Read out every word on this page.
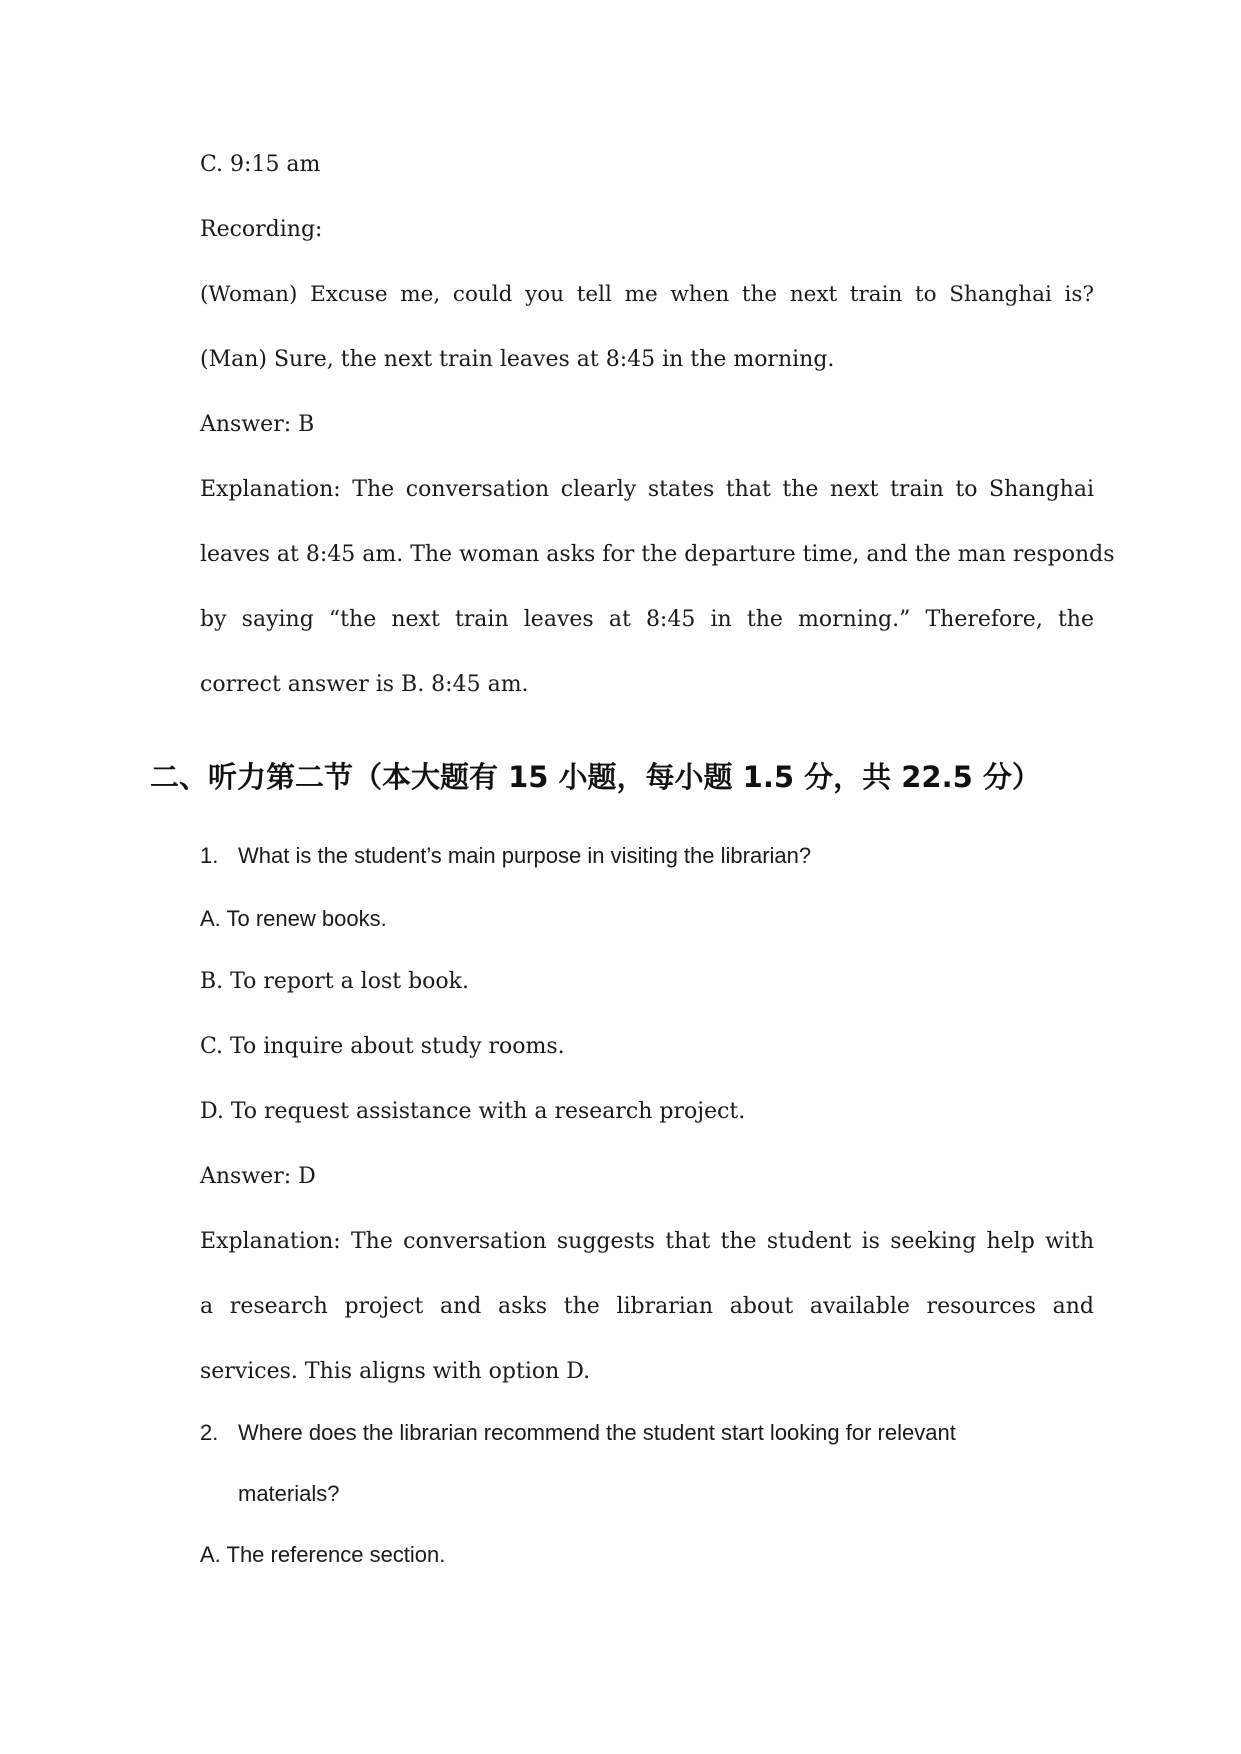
C. 9:15 am
Recording:
(Woman) Excuse me, could you tell me when the next train to Shanghai is?
(Man) Sure, the next train leaves at 8:45 in the morning.
Answer: B
Explanation: The conversation clearly states that the next train to Shanghai
leaves at 8:45 am. The woman asks for the departure time, and the man responds
by saying “the next train leaves at 8:45 in the morning.” Therefore, the
correct answer is B. 8:45 am.
二、听力第二节（本大题有 15 小题，每小题 1.5 分，共 22.5 分）
1. What is the student’s main purpose in visiting the librarian?
A. To renew books.
B. To report a lost book.
C. To inquire about study rooms.
D. To request assistance with a research project.
Answer: D
Explanation: The conversation suggests that the student is seeking help with
a research project and asks the librarian about available resources and
services. This aligns with option D.
2. Where does the librarian recommend the student start looking for relevant
materials?
A. The reference section.
